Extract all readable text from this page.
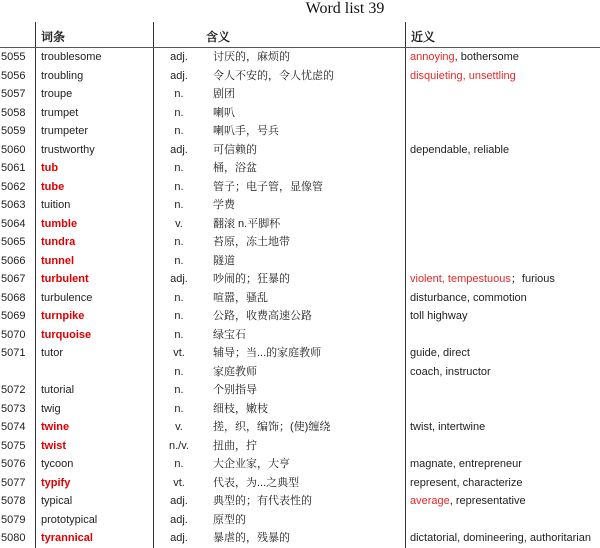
Word list 39
词条	含义	近义
5055 troublesome	adj.	讨厌的，麻烦的	annoying, bothersome
5056 troubling	adj.	令人不安的，令人忧虑的	disquieting, unsettling
5057 troupe	n.	剧团
5058 trumpet	n.	喇叭
5059 trumpeter	n.	喇叭手，号兵
5060 trustworthy	adj.	可信赖的	dependable, reliable
5061 tub	n.	桶，浴盆
5062 tube	n.	管子；电子管，显像管
5063 tuition	n.	学费
5064 tumble	v.	翻滚 n.平脚杯
5065 tundra	n.	苔原，冻土地带
5066 tunnel	n.	隧道
5067 turbulent	adj.	吵闹的；狂暴的	violent, tempestuous；furious
5068 turbulence	n.	喧嚣，骚乱	disturbance, commotion
5069 turnpike	n.	公路，收费高速公路	toll highway
5070 turquoise	n.	绿宝石
5071 tutor	vt.	辅导；当...的家庭教师	guide, direct
n.	家庭教师	coach, instructor
5072 tutorial	n.	个别指导
5073 twig	n.	细枝，嫩枝
5074 twine	v.	搓，织，编饰；(使)缠绕	twist, intertwine
5075 twist	n./v.	扭曲，拧
5076 tycoon	n.	大企业家，大亨	magnate, entrepreneur
5077 typify	vt.	代表，为...之典型	represent, characterize
5078 typical	adj.	典型的；有代表性的	average, representative
5079 prototypical	adj.	原型的
5080 tyrannical	adj.	暴虐的，残暴的	dictatorial, domineering, authoritarian
